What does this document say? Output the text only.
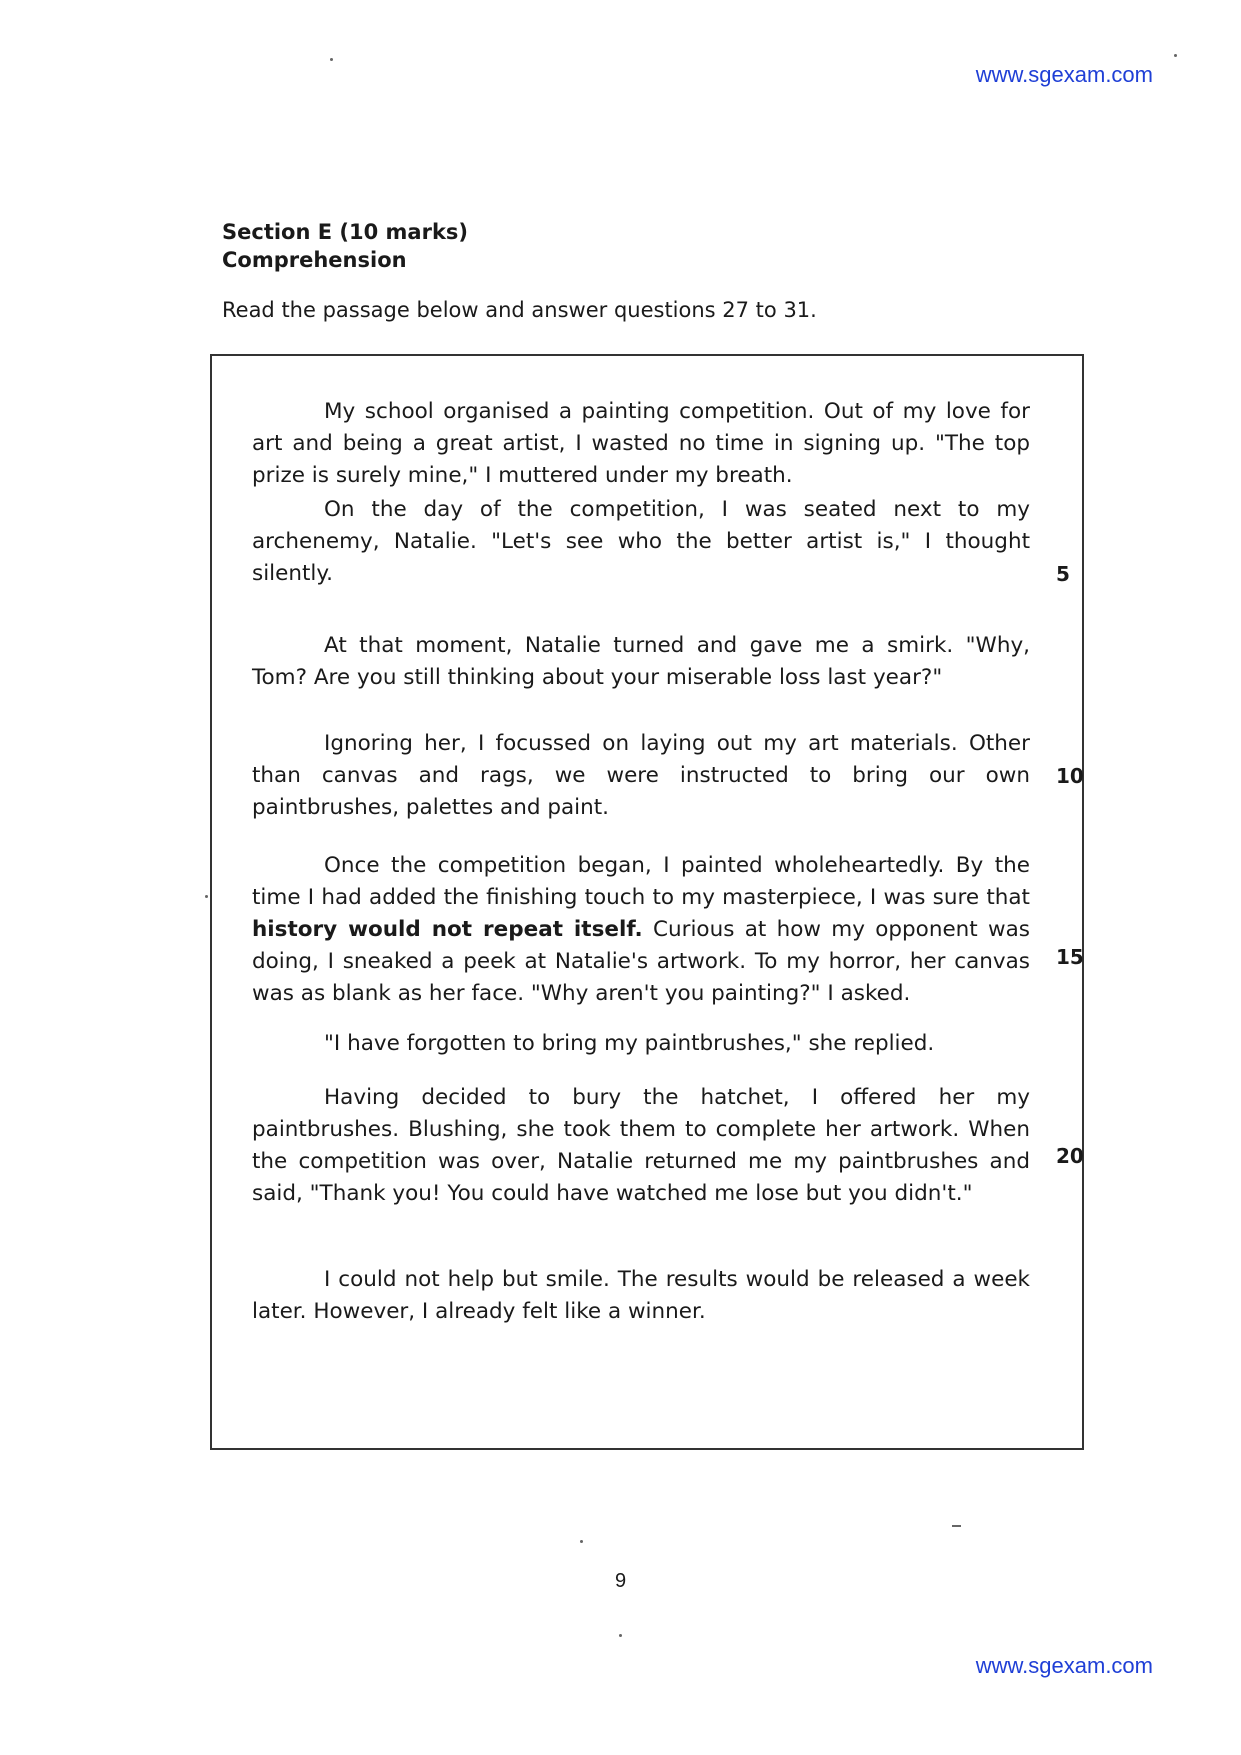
www.sgexam.com
Section E (10 marks)
Comprehension
Read the passage below and answer questions 27 to 31.

My school organised a painting competition. Out of my love for art and being a great artist, I wasted no time in signing up. "The top prize is surely mine," I muttered under my breath.

On the day of the competition, I was seated next to my archenemy, Natalie. "Let's see who the better artist is," I thought silently.

At that moment, Natalie turned and gave me a smirk. "Why, Tom? Are you still thinking about your miserable loss last year?"

Ignoring her, I focussed on laying out my art materials. Other than canvas and rags, we were instructed to bring our own paintbrushes, palettes and paint.

Once the competition began, I painted wholeheartedly. By the time I had added the finishing touch to my masterpiece, I was sure that history would not repeat itself. Curious at how my opponent was doing, I sneaked a peek at Natalie's artwork. To my horror, her canvas was as blank as her face. "Why aren't you painting?" I asked.

"I have forgotten to bring my paintbrushes," she replied.

Having decided to bury the hatchet, I offered her my paintbrushes. Blushing, she took them to complete her artwork. When the competition was over, Natalie returned me my paintbrushes and said, "Thank you! You could have watched me lose but you didn't."

I could not help but smile. The results would be released a week later. However, I already felt like a winner.

5
10
15
20
9
www.sgexam.com
